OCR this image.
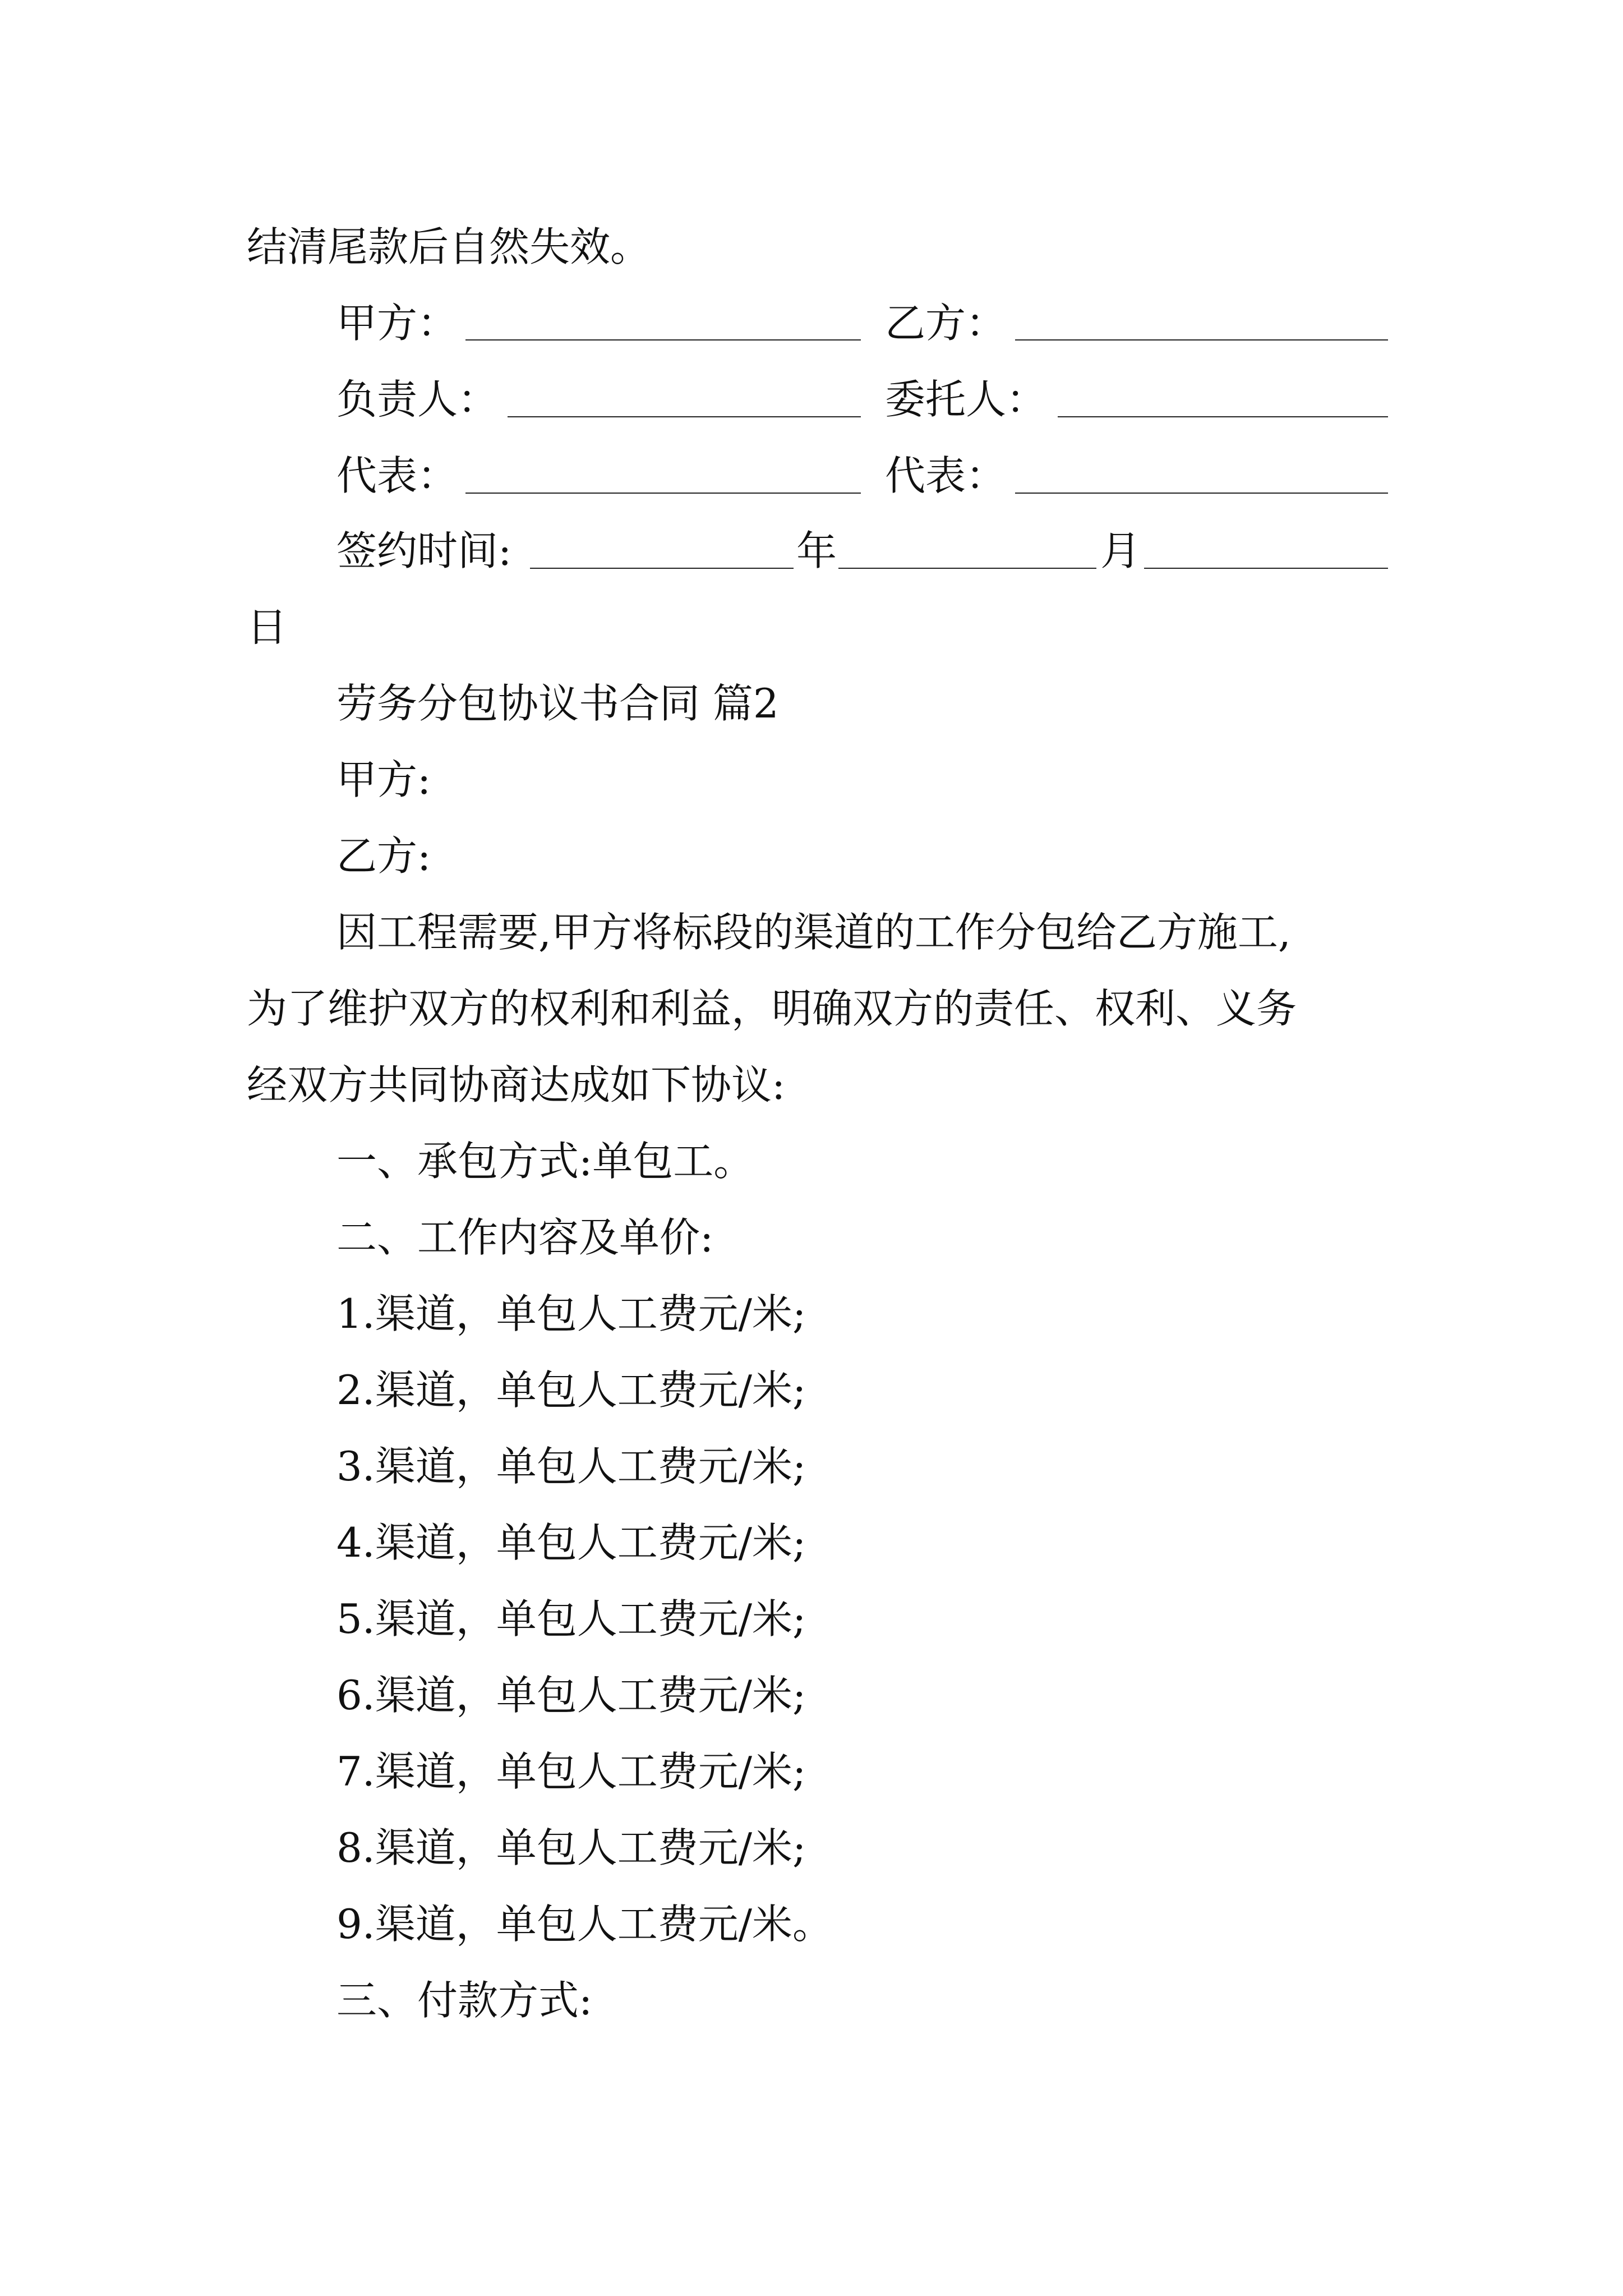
结清尾款后自然失效。
甲方：	乙方：
负责人：	委托人：
代表：	代表：
签约时间:	年	月
日
劳务分包协议书合同 篇2
甲方:
乙方:
因工程需要,甲方将标段的渠道的工作分包给乙方施工,
为了维护双方的权利和利益，明确双方的责任、权利、义务
经双方共同协商达成如下协议:
一、承包方式:单包工。
二、工作内容及单价:
1.渠道，单包人工费元/米;
2.渠道，单包人工费元/米;
3.渠道，单包人工费元/米;
4.渠道，单包人工费元/米;
5.渠道，单包人工费元/米;
6.渠道，单包人工费元/米;
7.渠道，单包人工费元/米;
8.渠道，单包人工费元/米;
9.渠道，单包人工费元/米。
三、付款方式:
